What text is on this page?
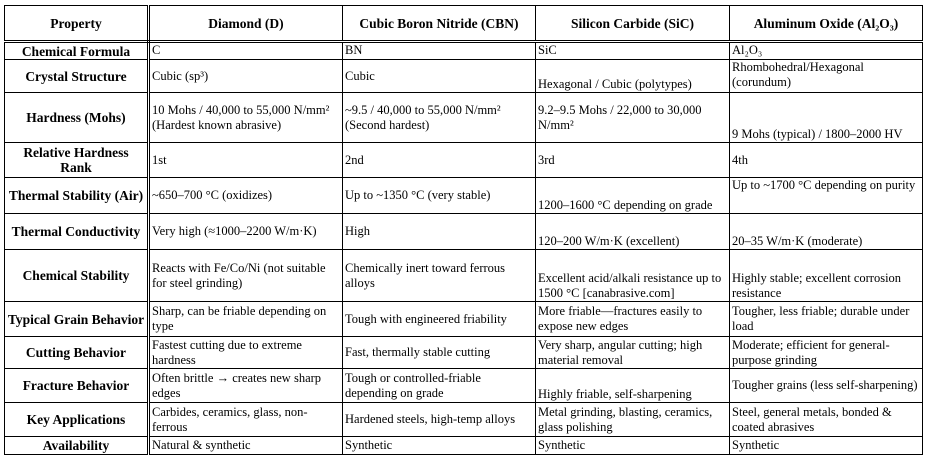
Property	Diamond (D)	Cubic Boron Nitride (CBN)	Silicon Carbide (SiC)	Aluminum Oxide (Al₂O₃)
Chemical Formula	C	BN	SiC	Al₂O₃
Crystal Structure	Cubic (sp³)	Cubic	Hexagonal / Cubic (polytypes)	Rhombohedral/Hexagonal (corundum)
Hardness (Mohs)	10 Mohs / 40,000 to 55,000 N/mm² (Hardest known abrasive)	~9.5 / 40,000 to 55,000 N/mm² (Second hardest)	9.2–9.5 Mohs / 22,000 to 30,000 N/mm²	9 Mohs (typical) / 1800–2000 HV
Relative Hardness Rank	1st	2nd	3rd	4th
Thermal Stability (Air)	~650–700 °C (oxidizes)	Up to ~1350 °C (very stable)	1200–1600 °C depending on grade	Up to ~1700 °C depending on purity
Thermal Conductivity	Very high (≈1000–2200 W/m·K)	High	120–200 W/m·K (excellent)	20–35 W/m·K (moderate)
Chemical Stability	Reacts with Fe/Co/Ni (not suitable for steel grinding)	Chemically inert toward ferrous alloys	Excellent acid/alkali resistance up to 1500 °C [canabrasive.com]	Highly stable; excellent corrosion resistance
Typical Grain Behavior	Sharp, can be friable depending on type	Tough with engineered friability	More friable—fractures easily to expose new edges	Tougher, less friable; durable under load
Cutting Behavior	Fastest cutting due to extreme hardness	Fast, thermally stable cutting	Very sharp, angular cutting; high material removal	Moderate; efficient for general-purpose grinding
Fracture Behavior	Often brittle → creates new sharp edges	Tough or controlled-friable depending on grade	Highly friable, self-sharpening	Tougher grains (less self-sharpening)
Key Applications	Carbides, ceramics, glass, non-ferrous	Hardened steels, high-temp alloys	Metal grinding, blasting, ceramics, glass polishing	Steel, general metals, bonded & coated abrasives
Availability	Natural & synthetic	Synthetic	Synthetic	Synthetic
